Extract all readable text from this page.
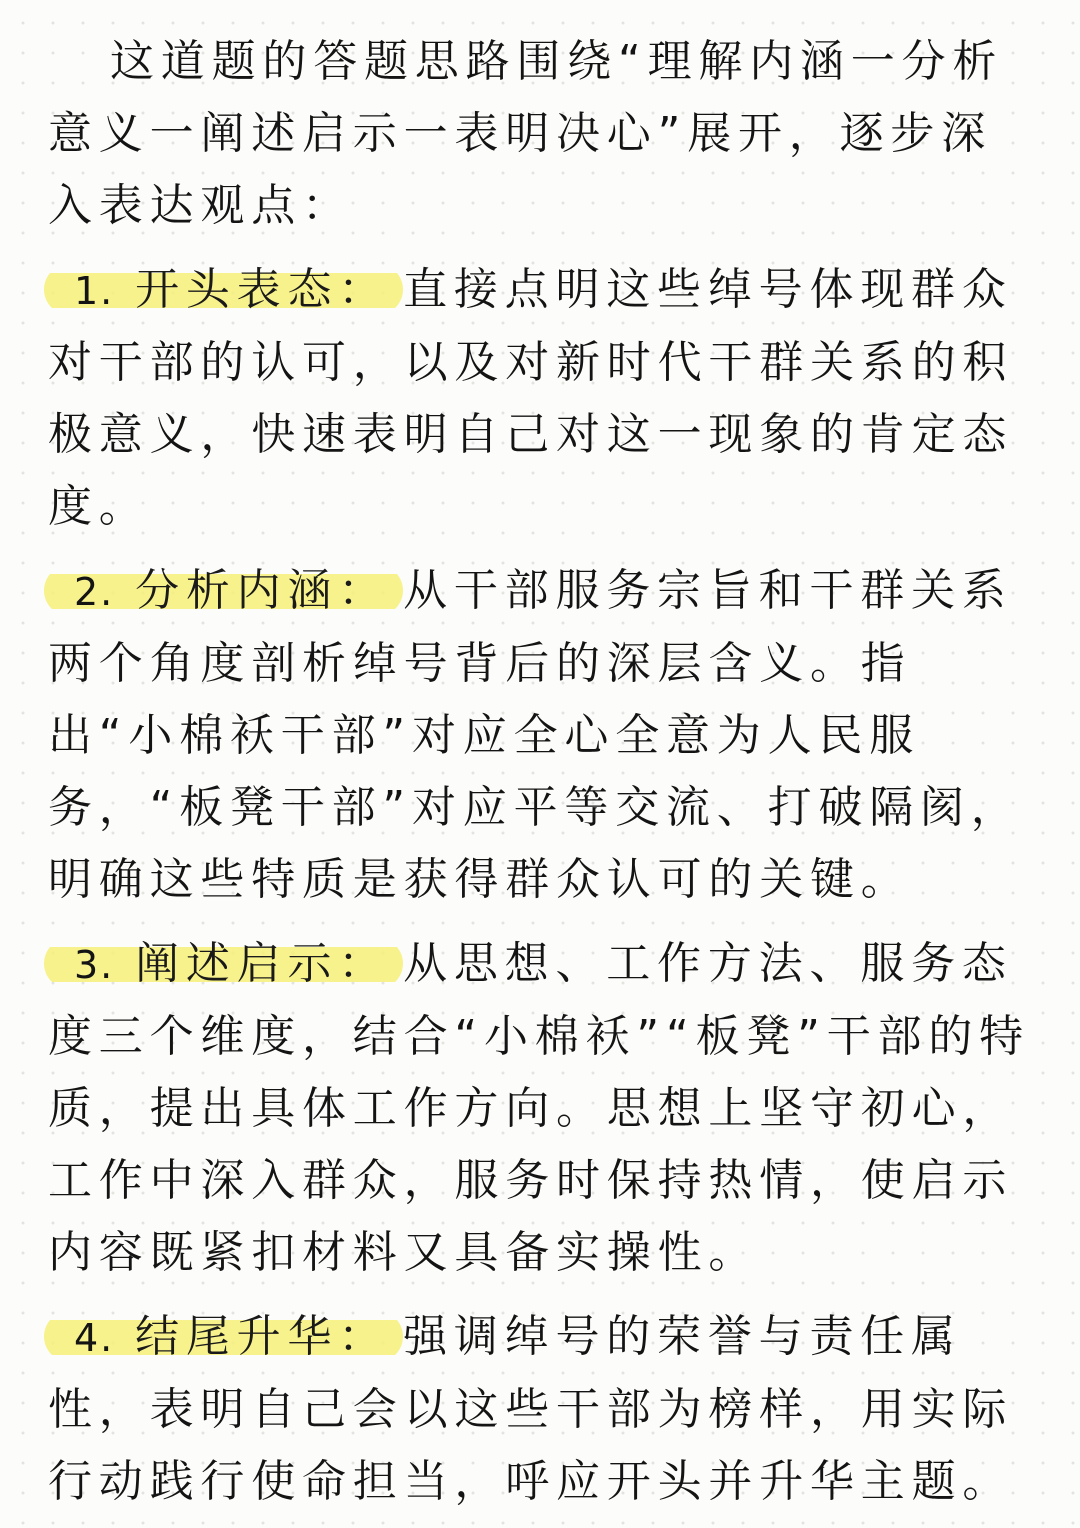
这道题的答题思路围绕“理解内涵一分析意义一阐述启示一表明决心”展开，逐步深入表达观点：

1. 开头表态： 直接点明这些绰号体现群众对干部的认可，以及对新时代干群关系的积极意义，快速表明自己对这一现象的肯定态度。

2. 分析内涵： 从干部服务宗旨和干群关系两个角度剖析绰号背后的深层含义。指出“小棉袄干部”对应全心全意为人民服务，“板凳干部”对应平等交流、打破隔阂，明确这些特质是获得群众认可的关键。

3. 阐述启示： 从思想、工作方法、服务态度三个维度，结合“小棉袄”“板凳”干部的特质，提出具体工作方向。思想上坚守初心，工作中深入群众，服务时保持热情，使启示内容既紧扣材料又具备实操性。

4. 结尾升华： 强调绰号的荣誉与责任属性，表明自己会以这些干部为榜样，用实际行动践行使命担当，呼应开头并升华主题。
